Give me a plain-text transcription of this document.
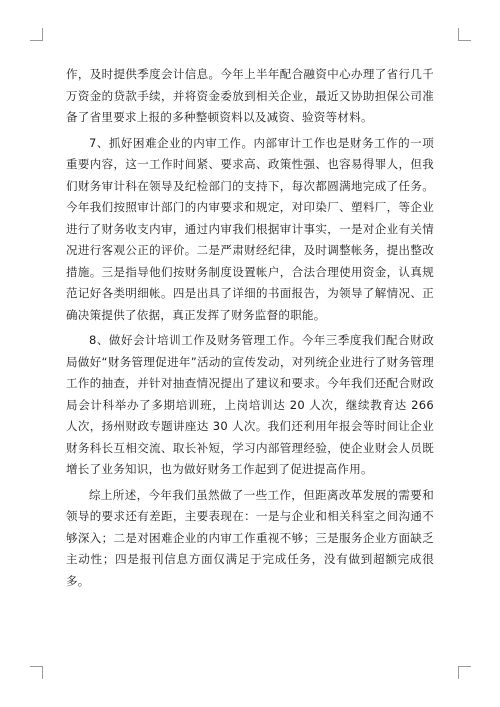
作，及时提供季度会计信息。今年上半年配合融资中心办理了省行几千万资金的贷款手续，并将资金委放到相关企业，最近又协助担保公司准备了省里要求上报的多种整顿资料以及减资、验资等材料。

7、抓好困难企业的内审工作。内部审计工作也是财务工作的一项重要内容，这一工作时间紧、要求高、政策性强、也容易得罪人，但我们财务审计科在领导及纪检部门的支持下，每次都圆满地完成了任务。今年我们按照审计部门的内审要求和规定，对印染厂、塑料厂，等企业进行了财务收支内审，通过内审我们根据审计事实，一是对企业有关情况进行客观公正的评价。二是严肃财经纪律，及时调整帐务，提出整改措施。三是指导他们按财务制度设置帐户，合法合理使用资金，认真规范记好各类明细帐。四是出具了详细的书面报告，为领导了解情况、正确决策提供了依据，真正发挥了财务监督的职能。

8、做好会计培训工作及财务管理工作。今年三季度我们配合财政局做好“财务管理促进年”活动的宣传发动，对列统企业进行了财务管理工作的抽查，并针对抽查情况提出了建议和要求。今年我们还配合财政局会计科举办了多期培训班，上岗培训达 20 人次，继续教育达 266 人次，扬州财政专题讲座达 30 人次。我们还利用年报会等时间让企业财务科长互相交流、取长补短，学习内部管理经验，使企业财会人员既增长了业务知识，也为做好财务工作起到了促进提高作用。

综上所述，今年我们虽然做了一些工作，但距离改革发展的需要和领导的要求还有差距，主要表现在：一是与企业和相关科室之间沟通不够深入；二是对困难企业的内审工作重视不够；三是服务企业方面缺乏主动性；四是报刊信息方面仅满足于完成任务，没有做到超额完成很多。
